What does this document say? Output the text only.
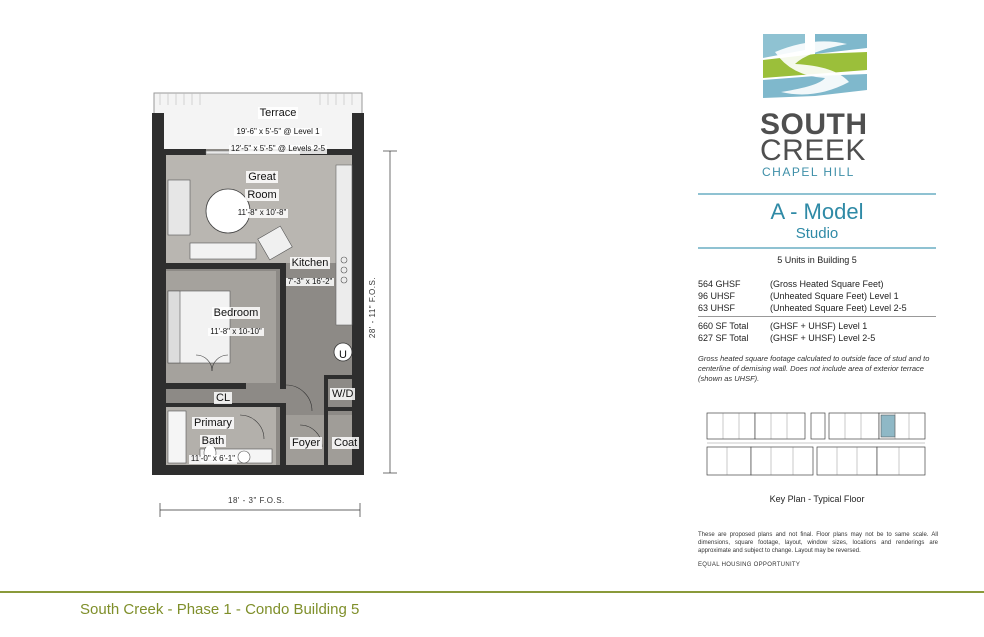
Terrace
19'-6" x 5'-5" @ Level 1
12'-5" x 5'-5" @ Levels 2-5
Great
Room
11'-8" x 10'-8"
Kitchen
7'-3" x 16'-2"
Bedroom
11'-8" x 10-10"
CL
U
W/D
Primary
Bath
11'-0" x 6'-1"
Foyer Coat
18' - 3" F.O.S.
28' - 11" F.O.S.
SOUTH
CREEK
CHAPEL HILL
A - Model
Studio
5 Units in Building 5
564 GHSF	(Gross Heated Square Feet)
96 UHSF	(Unheated Square Feet) Level 1
63 UHSF	(Unheated Square Feet) Level 2-5
660 SF Total (GHSF + UHSF) Level 1
627 SF Total (GHSF + UHSF) Level 2-5
Gross heated square footage calculated to outside face of stud and to centerline of demising wall. Does not include area of exterior terrace (shown as UHSF).
Key Plan - Typical Floor
These are proposed plans and not final. Floor plans may not be to same scale. All dimensions, square footage, layout, window sizes, locations and renderings are approximate and subject to change. Layout may be reversed.
EQUAL HOUSING OPPORTUNITY
South Creek - Phase 1 - Condo Building 5
